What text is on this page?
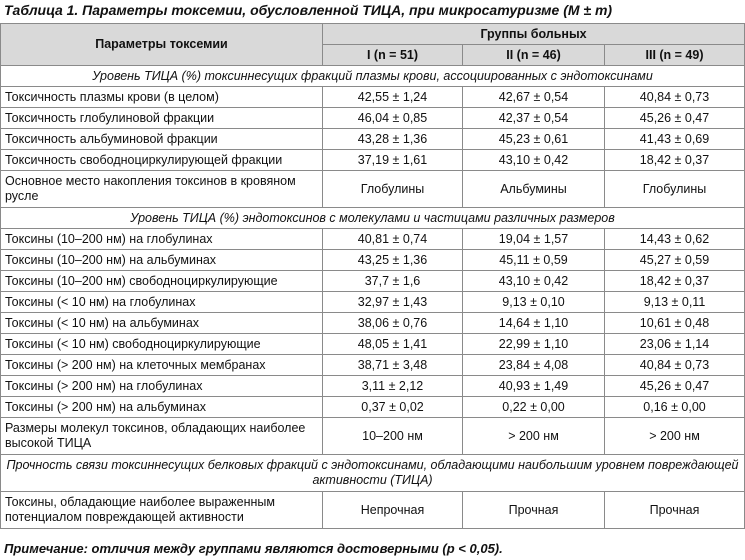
Таблица 1. Параметры токсемии, обусловленной ТИЦА, при микросатуризме (М ± m)
Параметры токсемии	Группы больных		
	I (n = 51)	II (n = 46)	III (n = 49)
Уровень ТИЦА (%) токсиннесущих фракций плазмы крови, ассоциированных с эндотоксинами			
Токсичность плазмы крови (в целом)	42,55 ± 1,24	42,67 ± 0,54	40,84 ± 0,73
Токсичность глобулиновой фракции	46,04 ± 0,85	42,37 ± 0,54	45,26 ± 0,47
Токсичность альбуминовой фракции	43,28 ± 1,36	45,23 ± 0,61	41,43 ± 0,69
Токсичность свободноциркулирующей фракции	37,19 ± 1,61	43,10 ± 0,42	18,42 ± 0,37
Основное место накопления токсинов в кровяном русле	Глобулины	Альбумины	Глобулины
Уровень ТИЦА (%) эндотоксинов с молекулами и частицами различных размеров			
Токсины (10–200 нм) на глобулинах	40,81 ± 0,74	19,04 ± 1,57	14,43 ± 0,62
Токсины (10–200 нм) на альбуминах	43,25 ± 1,36	45,11 ± 0,59	45,27 ± 0,59
Токсины (10–200 нм) свободноциркулирующие	37,7 ± 1,6	43,10 ± 0,42	18,42 ± 0,37
Токсины (< 10 нм) на глобулинах	32,97 ± 1,43	9,13 ± 0,10	9,13 ± 0,11
Токсины (< 10 нм) на альбуминах	38,06 ± 0,76	14,64 ± 1,10	10,61 ± 0,48
Токсины (< 10 нм) свободноциркулирующие	48,05 ± 1,41	22,99 ± 1,10	23,06 ± 1,14
Токсины (> 200 нм) на клеточных мембранах	38,71 ± 3,48	23,84 ± 4,08	40,84 ± 0,73
Токсины (> 200 нм) на глобулинах	3,11 ± 2,12	40,93 ± 1,49	45,26 ± 0,47
Токсины (> 200 нм) на альбуминах	0,37 ± 0,02	0,22 ± 0,00	0,16 ± 0,00
Размеры молекул токсинов, обладающих наиболее высокой ТИЦА	10–200 нм	> 200 нм	> 200 нм
Прочность связи токсиннесущих белковых фракций с эндотоксинами, обладающими наибольшим уровнем повреждающей активности (ТИЦА)			
Токсины, обладающие наиболее выраженным потенциалом повреждающей активности	Непрочная	Прочная	Прочная
Примечание: отличия между группами являются достоверными (p < 0,05).
